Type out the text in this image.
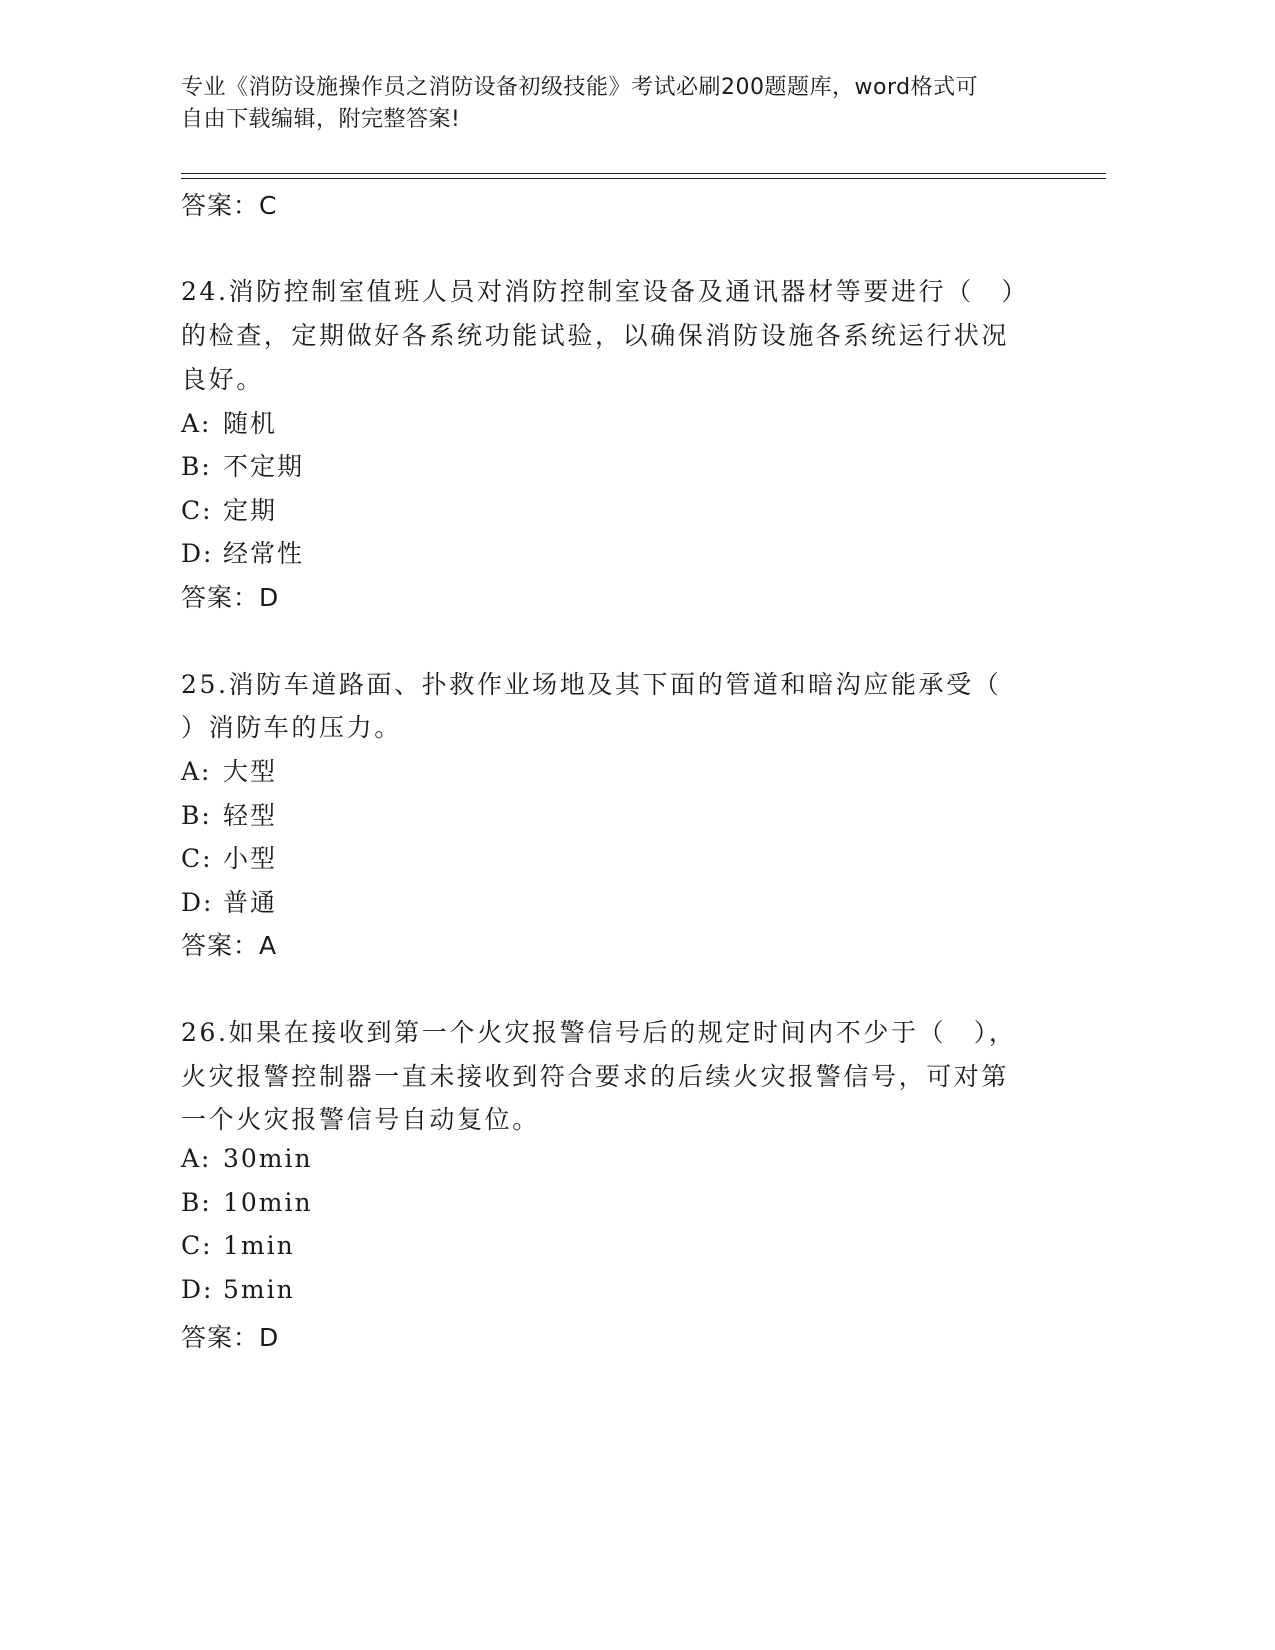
专业《消防设施操作员之消防设备初级技能》考试必刷200题题库，word格式可
自由下载编辑，附完整答案!
答案：C
24.消防控制室值班人员对消防控制室设备及通讯器材等要进行（　）
的检查，定期做好各系统功能试验，以确保消防设施各系统运行状况
良好。
A: 随机
B: 不定期
C: 定期
D: 经常性
答案：D
25.消防车道路面、扑救作业场地及其下面的管道和暗沟应能承受（
）消防车的压力。
A: 大型
B: 轻型
C: 小型
D: 普通
答案：A
26.如果在接收到第一个火灾报警信号后的规定时间内不少于（　），
火灾报警控制器一直未接收到符合要求的后续火灾报警信号，可对第
一个火灾报警信号自动复位。
A: 30min
B: 10min
C: 1min
D: 5min
答案：D
